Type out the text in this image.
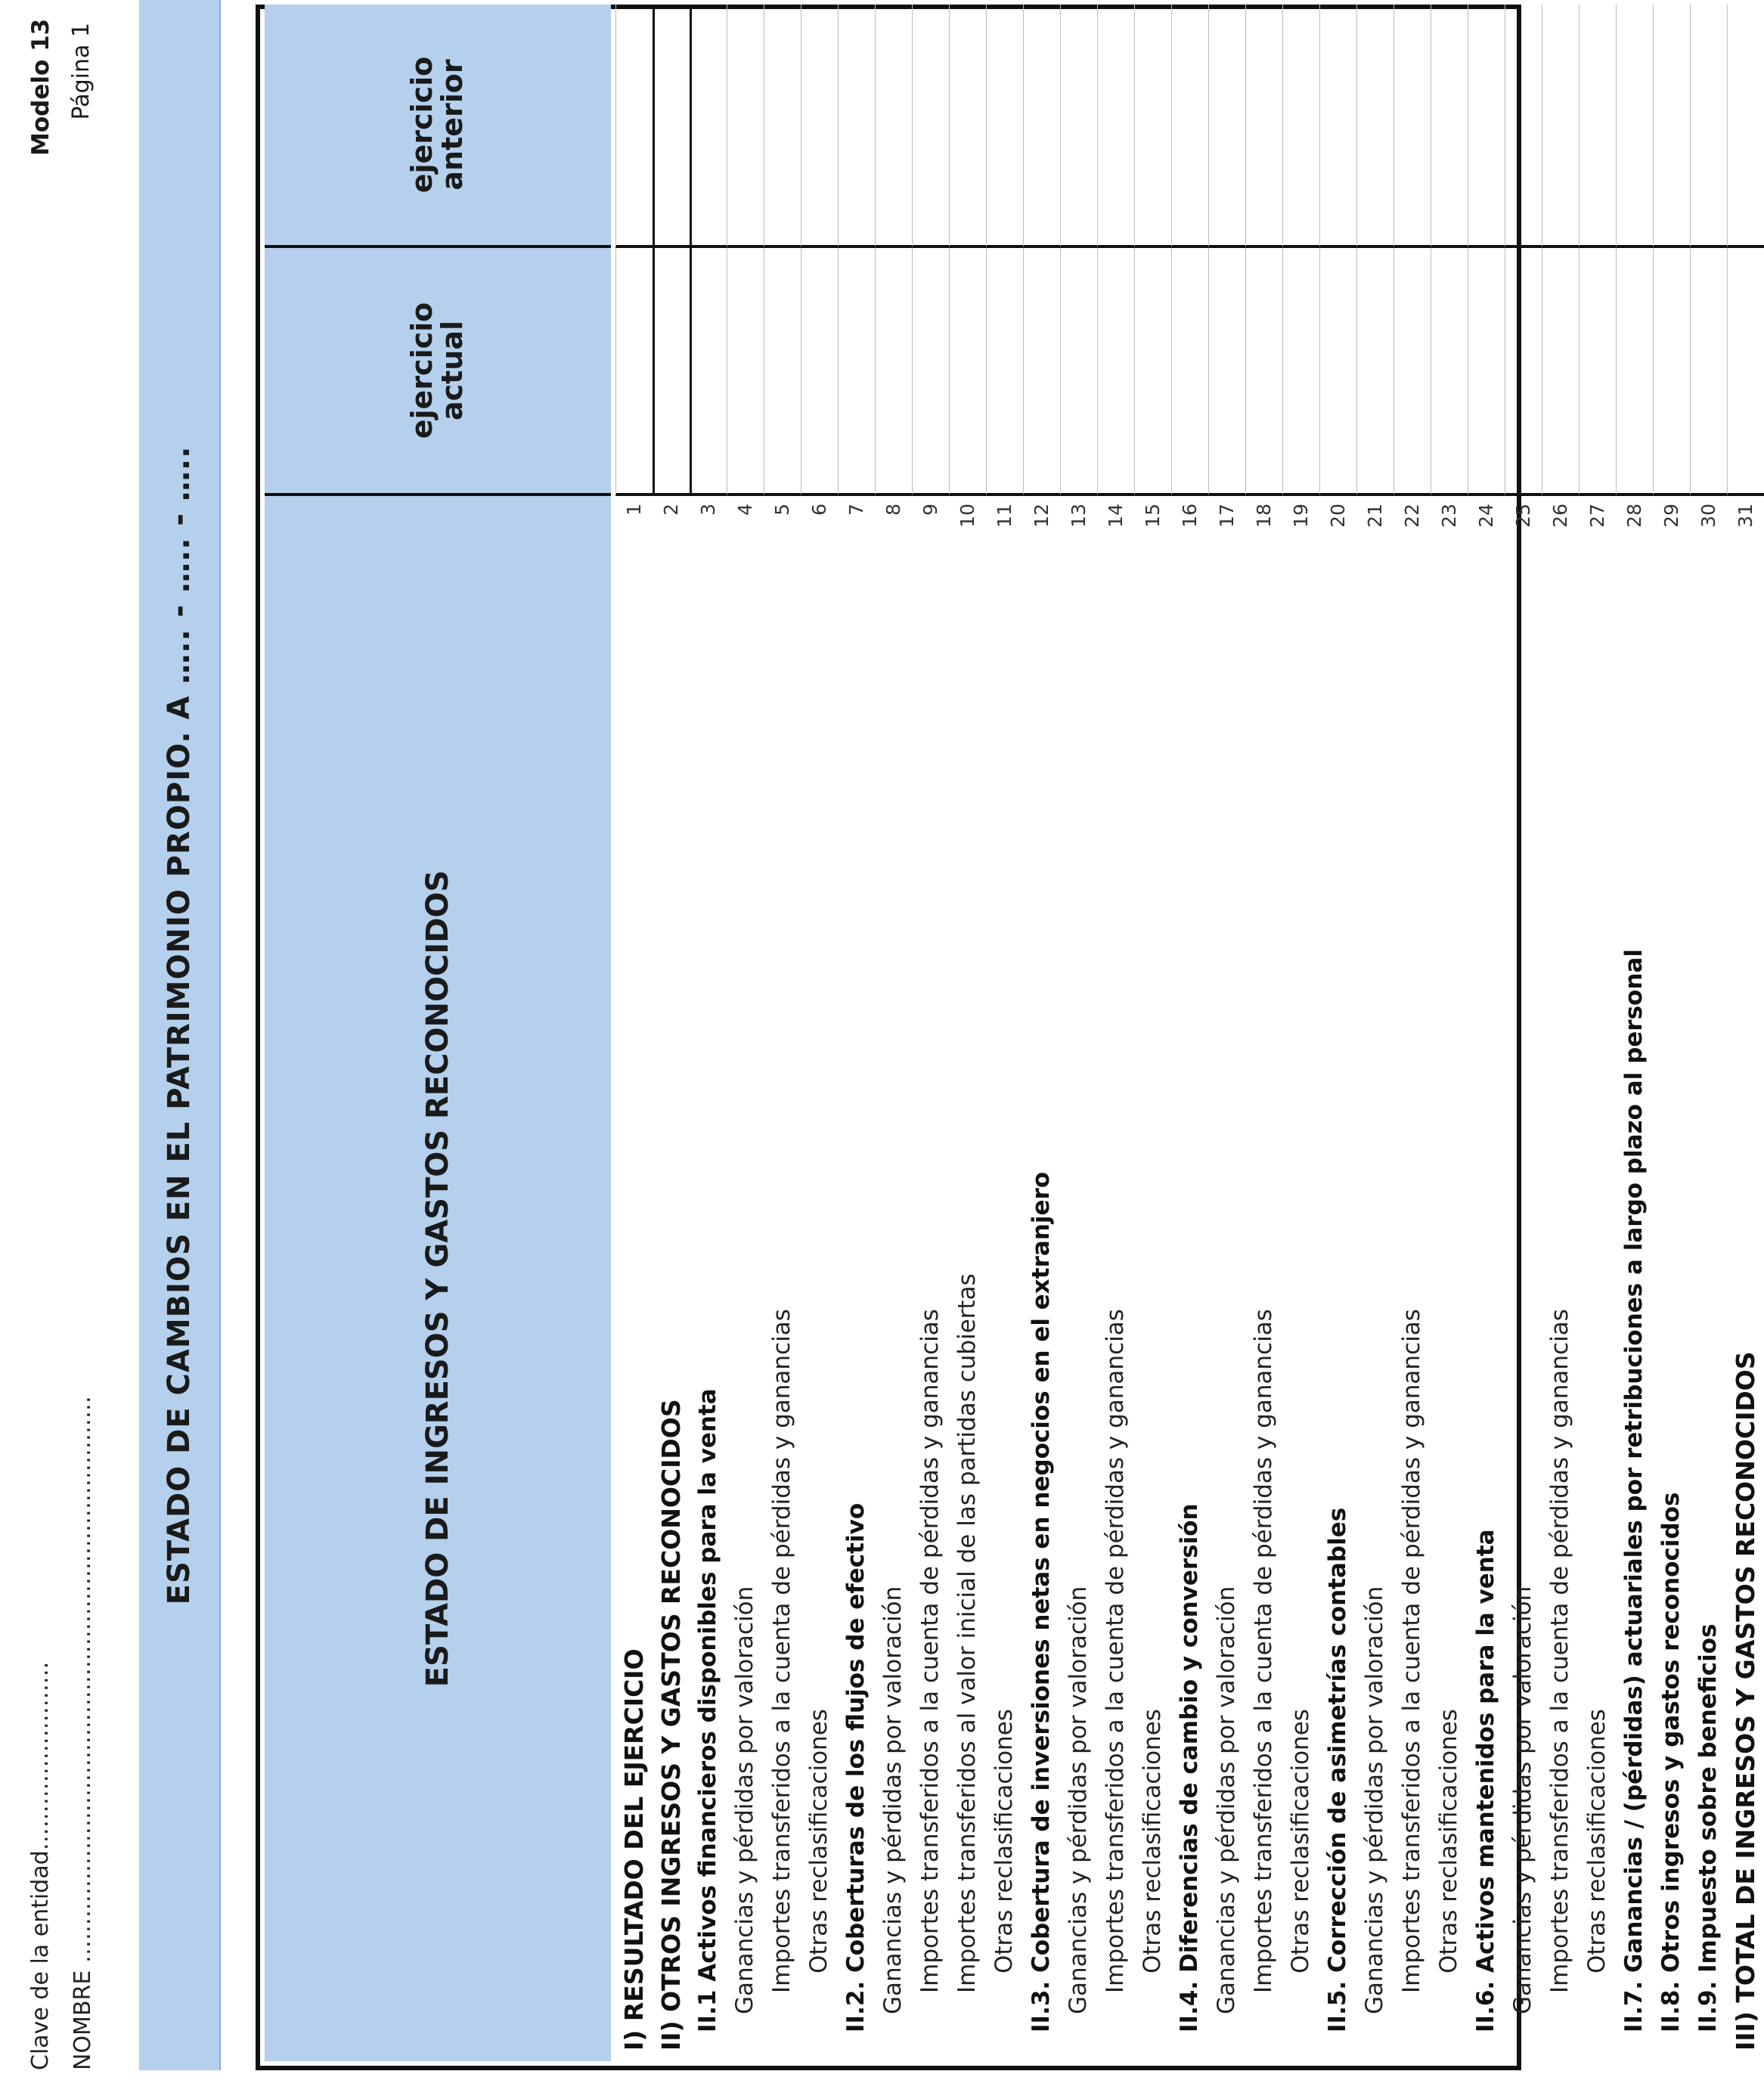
Clave de la entidad……………………. NOMBRE …………………………………………………………………
Modelo 13 Página 1
ESTADO DE CAMBIOS EN EL PATRIMONIO PROPIO. A ….. - ….. - …..	ESTADO DE INGRESOS Y GASTOS RECONOCIDOS
ejercicio
actual
ejercicio
anterior
I) RESULTADO DEL EJERCICIO
1
II) OTROS INGRESOS Y GASTOS RECONOCIDOS
2
II.1 Activos financieros disponibles para la venta
3
Ganancias y pérdidas por valoración
4
Importes transferidos a la cuenta de pérdidas y ganancias
5
Otras reclasificaciones
6
II.2. Coberturas de los flujos de efectivo
7
Ganancias y pérdidas por valoración
8
Importes transferidos a la cuenta de pérdidas y ganancias
9
Importes transferidos al valor inicial de las partidas cubiertas
10
Otras reclasificaciones
11
II.3. Cobertura de inversiones netas en negocios en el extranjero
12
Ganancias y pérdidas por valoración
13
Importes transferidos a la cuenta de pérdidas y ganancias
14
Otras reclasificaciones
15
II.4. Diferencias de cambio y conversión
16
Ganancias y pérdidas por valoración
17
Importes transferidos a la cuenta de pérdidas y ganancias
18
Otras reclasificaciones
19
II.5. Corrección de asimetrías contables
20
Ganancias y pérdidas por valoración
21
Importes transferidos a la cuenta de pérdidas y ganancias
22
Otras reclasificaciones
23
II.6. Activos mantenidos para la venta
24
Ganancias y pérdidas por valoración
25
Importes transferidos a la cuenta de pérdidas y ganancias
26
Otras reclasificaciones
27
II.7. Ganancias / (pérdidas) actuariales por retribuciones a largo plazo al personal
28
II.8. Otros ingresos y gastos reconocidos
29
II.9. Impuesto sobre beneficios
30
III) TOTAL DE INGRESOS Y GASTOS RECONOCIDOS
31
